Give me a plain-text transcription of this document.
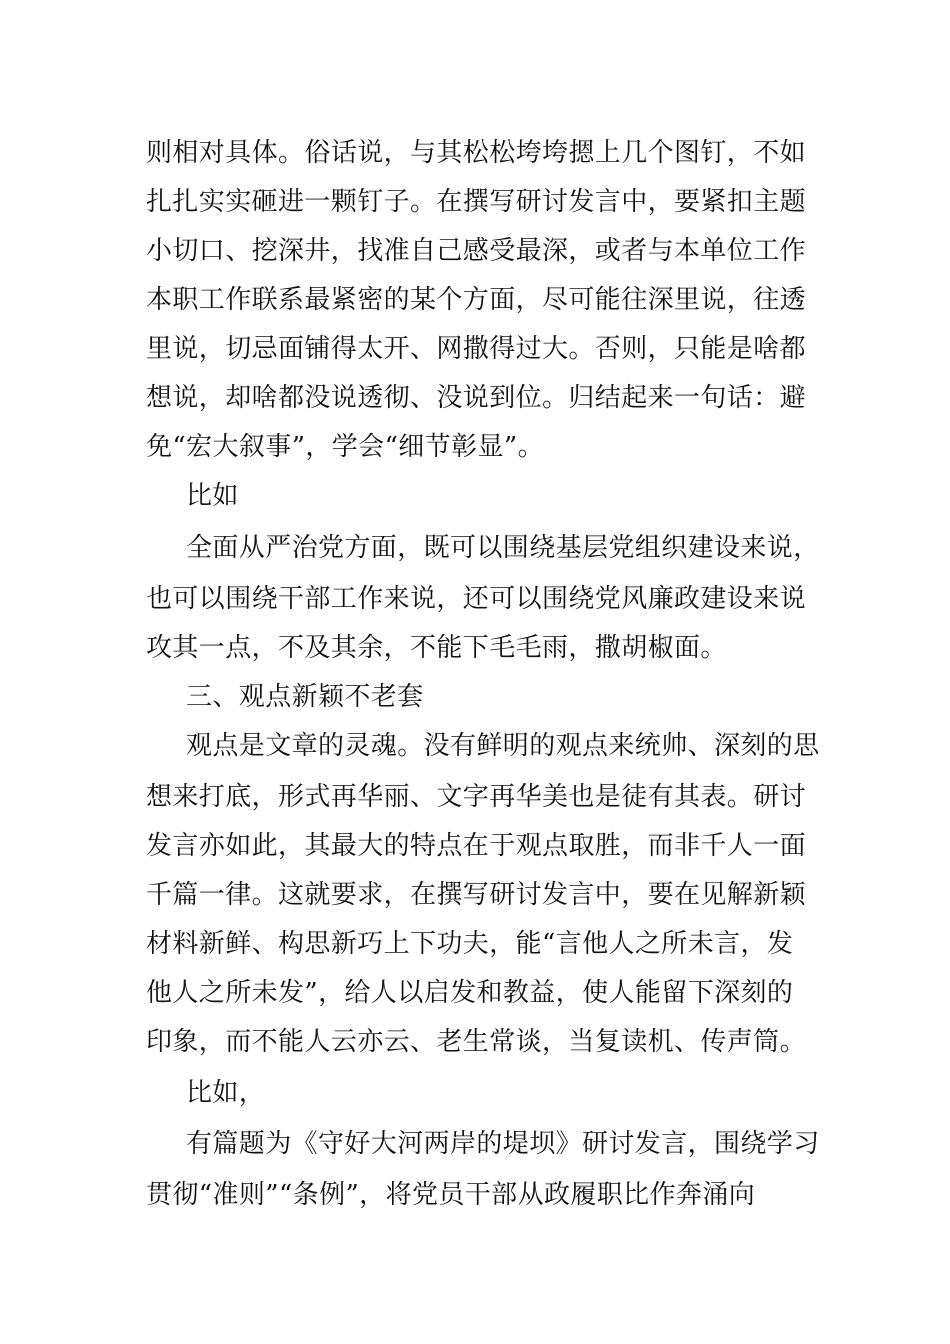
则相对具体。俗话说，与其松松垮垮摁上几个图钉，不如
扎扎实实砸进一颗钉子。在撰写研讨发言中，要紧扣主题
小切口、挖深井，找准自己感受最深，或者与本单位工作
本职工作联系最紧密的某个方面，尽可能往深里说，往透
里说，切忌面铺得太开、网撒得过大。否则，只能是啥都
想说，却啥都没说透彻、没说到位。归结起来一句话：避
免“宏大叙事”，学会“细节彰显”。
比如
全面从严治党方面，既可以围绕基层党组织建设来说，
也可以围绕干部工作来说，还可以围绕党风廉政建设来说
攻其一点，不及其余，不能下毛毛雨，撒胡椒面。
三、观点新颖不老套
观点是文章的灵魂。没有鲜明的观点来统帅、深刻的思
想来打底，形式再华丽、文字再华美也是徒有其表。研讨
发言亦如此，其最大的特点在于观点取胜，而非千人一面
千篇一律。这就要求，在撰写研讨发言中，要在见解新颖
材料新鲜、构思新巧上下功夫，能“言他人之所未言，发
他人之所未发”，给人以启发和教益，使人能留下深刻的
印象，而不能人云亦云、老生常谈，当复读机、传声筒。
比如，
有篇题为《守好大河两岸的堤坝》研讨发言，围绕学习
贯彻“准则”“条例”，将党员干部从政履职比作奔涌向
